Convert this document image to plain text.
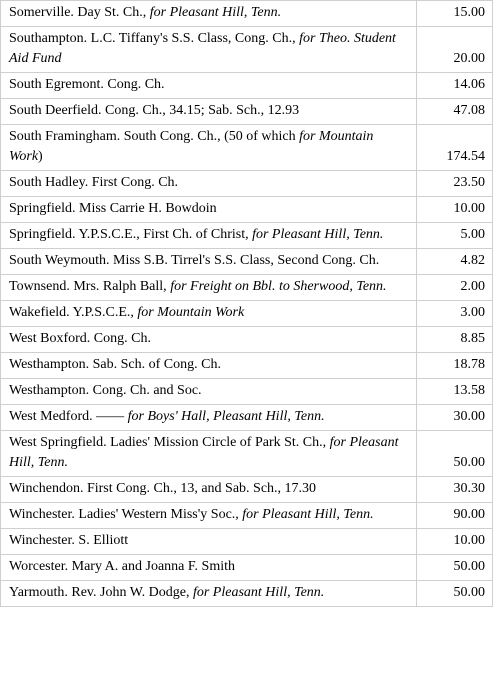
Somerville. Day St. Ch., for Pleasant Hill, Tenn.	15.00
Southampton. L.C. Tiffany's S.S. Class, Cong. Ch., for Theo. Student Aid Fund	20.00
South Egremont. Cong. Ch.	14.06
South Deerfield. Cong. Ch., 34.15; Sab. Sch., 12.93	47.08
South Framingham. South Cong. Ch., (50 of which for Mountain Work)	174.54
South Hadley. First Cong. Ch.	23.50
Springfield. Miss Carrie H. Bowdoin	10.00
Springfield. Y.P.S.C.E., First Ch. of Christ, for Pleasant Hill, Tenn.	5.00
South Weymouth. Miss S.B. Tirrel's S.S. Class, Second Cong. Ch.	4.82
Townsend. Mrs. Ralph Ball, for Freight on Bbl. to Sherwood, Tenn.	2.00
Wakefield. Y.P.S.C.E., for Mountain Work	3.00
West Boxford. Cong. Ch.	8.85
Westhampton. Sab. Sch. of Cong. Ch.	18.78
Westhampton. Cong. Ch. and Soc.	13.58
West Medford. —— for Boys' Hall, Pleasant Hill, Tenn.	30.00
West Springfield. Ladies' Mission Circle of Park St. Ch., for Pleasant Hill, Tenn.	50.00
Winchendon. First Cong. Ch., 13, and Sab. Sch., 17.30	30.30
Winchester. Ladies' Western Miss'y Soc., for Pleasant Hill, Tenn.	90.00
Winchester. S. Elliott	10.00
Worcester. Mary A. and Joanna F. Smith	50.00
Yarmouth. Rev. John W. Dodge, for Pleasant Hill, Tenn.	50.00
